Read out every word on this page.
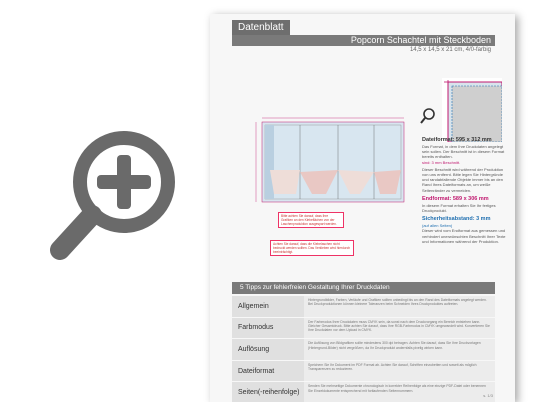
Datenblatt
Popcorn Schachtel mit Steckboden
14,5 x 14,5 x 21 cm, 4/0-farbig
Bitte achten Sie darauf, dass Ihre Grafiken an den Klebeflächen von der Laschenproduktion ausgespart werden.
Achten Sie darauf, dass die Klebelaschen nicht bedruckt werden sollten. Das Verkleben wird hierdurch beeinträchtigt.
Dateiformat: 595 x 312 mm
Das Format, in dem Ihre Druckdaten angelegt sein sollen. Der Beschnitt ist in diesem Format bereits enthalten.
sind: 3 mm Beschnitt.
Dieser Beschnitt wird während der Produktion von uns entfernt. Bitte legen Sie Hintergründe und randabfallende Objekte immer bis an den Rand Ihres Dateiformats an, um weiße Seitenränder zu vermeiden.
Endformat: 589 x 306 mm
In diesem Format erhalten Sie Ihr fertiges Druckprodukt.
Sicherheitsabstand: 3 mm
(auf allen Seiten)
Dieser wird vom Endformat aus gemessen und verhindert unerwünschten Beschnitt Ihrer Texte und Informationen während der Produktion.
5 Tipps zur fehlerfreien Gestaltung Ihrer Druckdaten
Allgemein
Hintergrundbilder, Farben, Verläufe und Grafiken sollten unbedingt bis an den Rand des Dateiformats angelegt werden. Bei Druckproduktionen können kleinere Toleranzen beim Schneiden Ihres Druckproduktes auftreten.
Farbmodus
Der Farbmodus Ihrer Druckdaten muss CMYK sein, da sonst nach dem Druckvorgang ein Bereich entstehen kann. Gleicher Gesamtdruck. Bitte achten Sie darauf, dass Ihre RGB-Farbmodus in CMYK umgewandelt wird. Konvertieren Sie Ihre Druckdaten vor dem Upload in CMYK.
Auflösung
Die Auflösung von Bildgrafiken sollte mindestens 300 dpi betragen. Achten Sie darauf, dass Sie Ihre Druckvorlagen (Hintergrund-Bilder) nicht vergrößern, da Ihr Druckprodukt andernfalls pixelig wirken kann.
Dateiformat
Speichern Sie Ihr Dokument im PDF Format ab. Achten Sie darauf, Schriften einzubetten und soweit als möglich Transparenzen zu reduzieren.
Seiten(-reihenfolge)
Senden Sie mehrseitige Dokumente chronologisch in korrekter Reihenfolge als eine einzige PDF-Datei oder benennen Sie Einzeldokumente entsprechend mit fortlaufenden Seitennummern.
s. 1/3
